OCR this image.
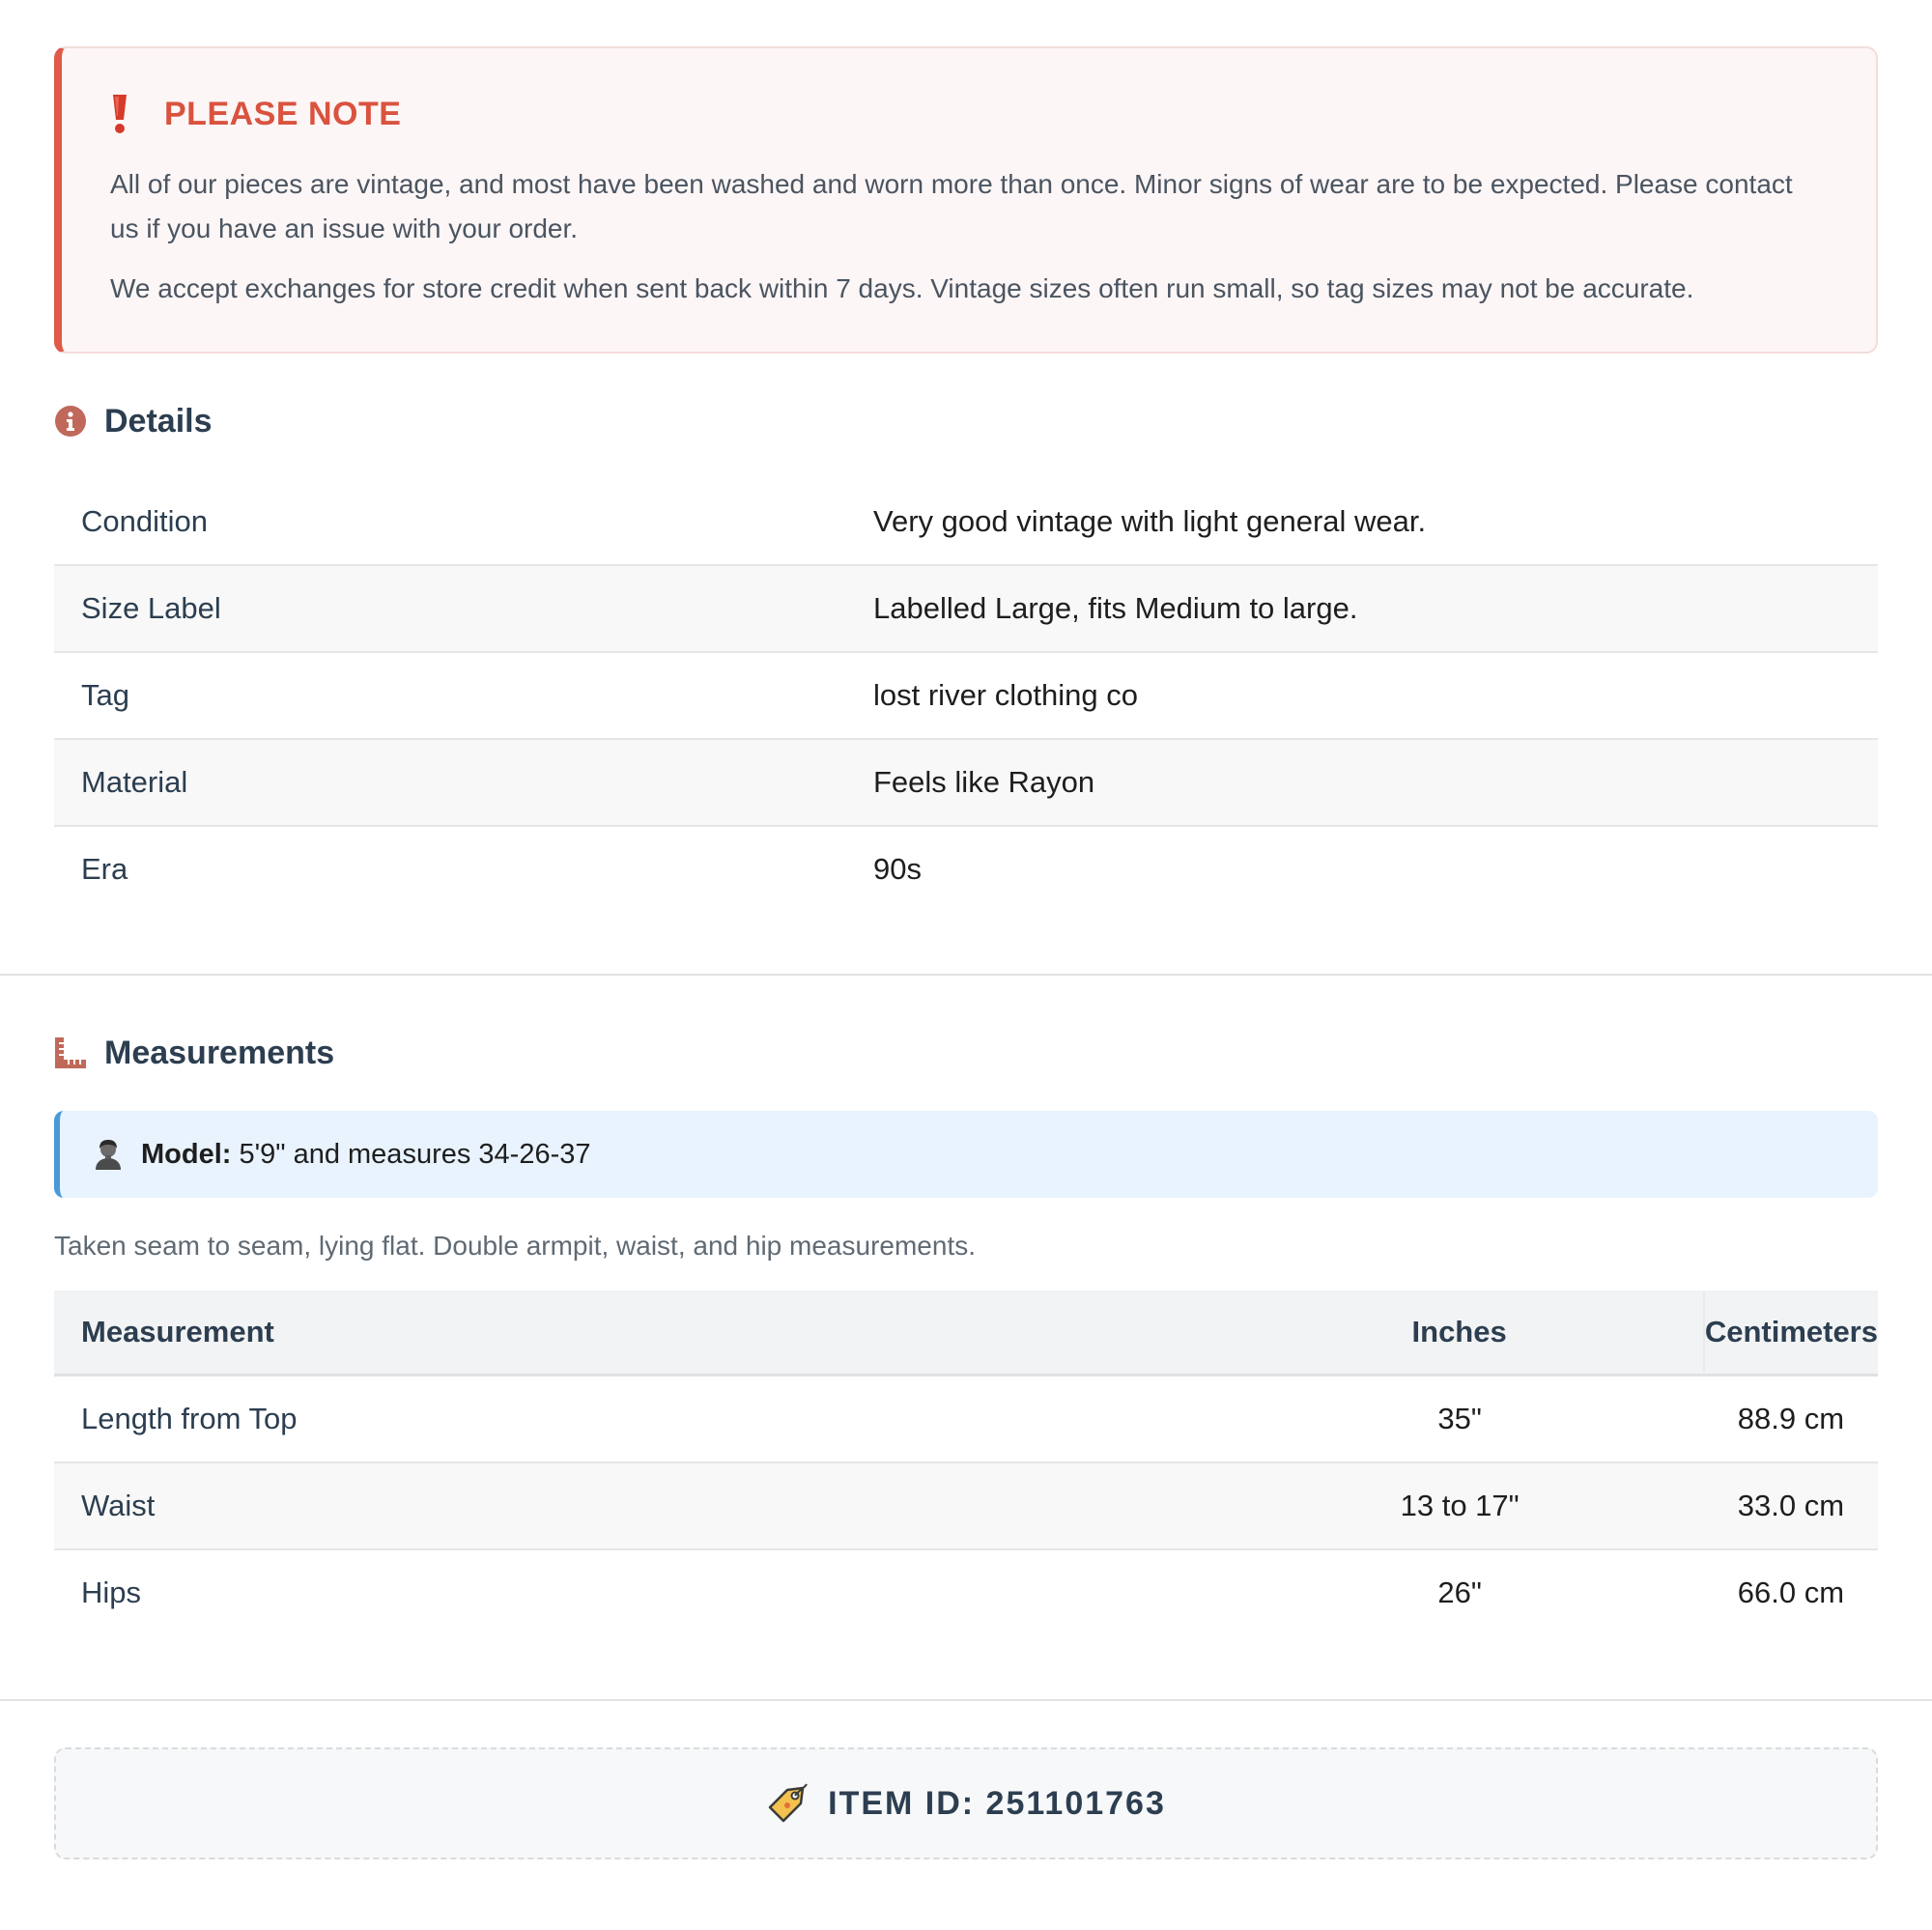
PLEASE NOTE

All of our pieces are vintage, and most have been washed and worn more than once. Minor signs of wear are to be expected. Please contact us if you have an issue with your order.

We accept exchanges for store credit when sent back within 7 days. Vintage sizes often run small, so tag sizes may not be accurate.

Details
Condition	Very good vintage with light general wear.
Size Label	Labelled Large, fits Medium to large.
Tag	lost river clothing co
Material	Feels like Rayon
Era	90s
Measurements
Model: 5'9" and measures 34-26-37
Taken seam to seam, lying flat. Double armpit, waist, and hip measurements.
Measurement	Inches	Centimeters
Length from Top	35"	88.9 cm
Waist	13 to 17"	33.0 cm
Hips	26"	66.0 cm
ITEM ID: 251101763
